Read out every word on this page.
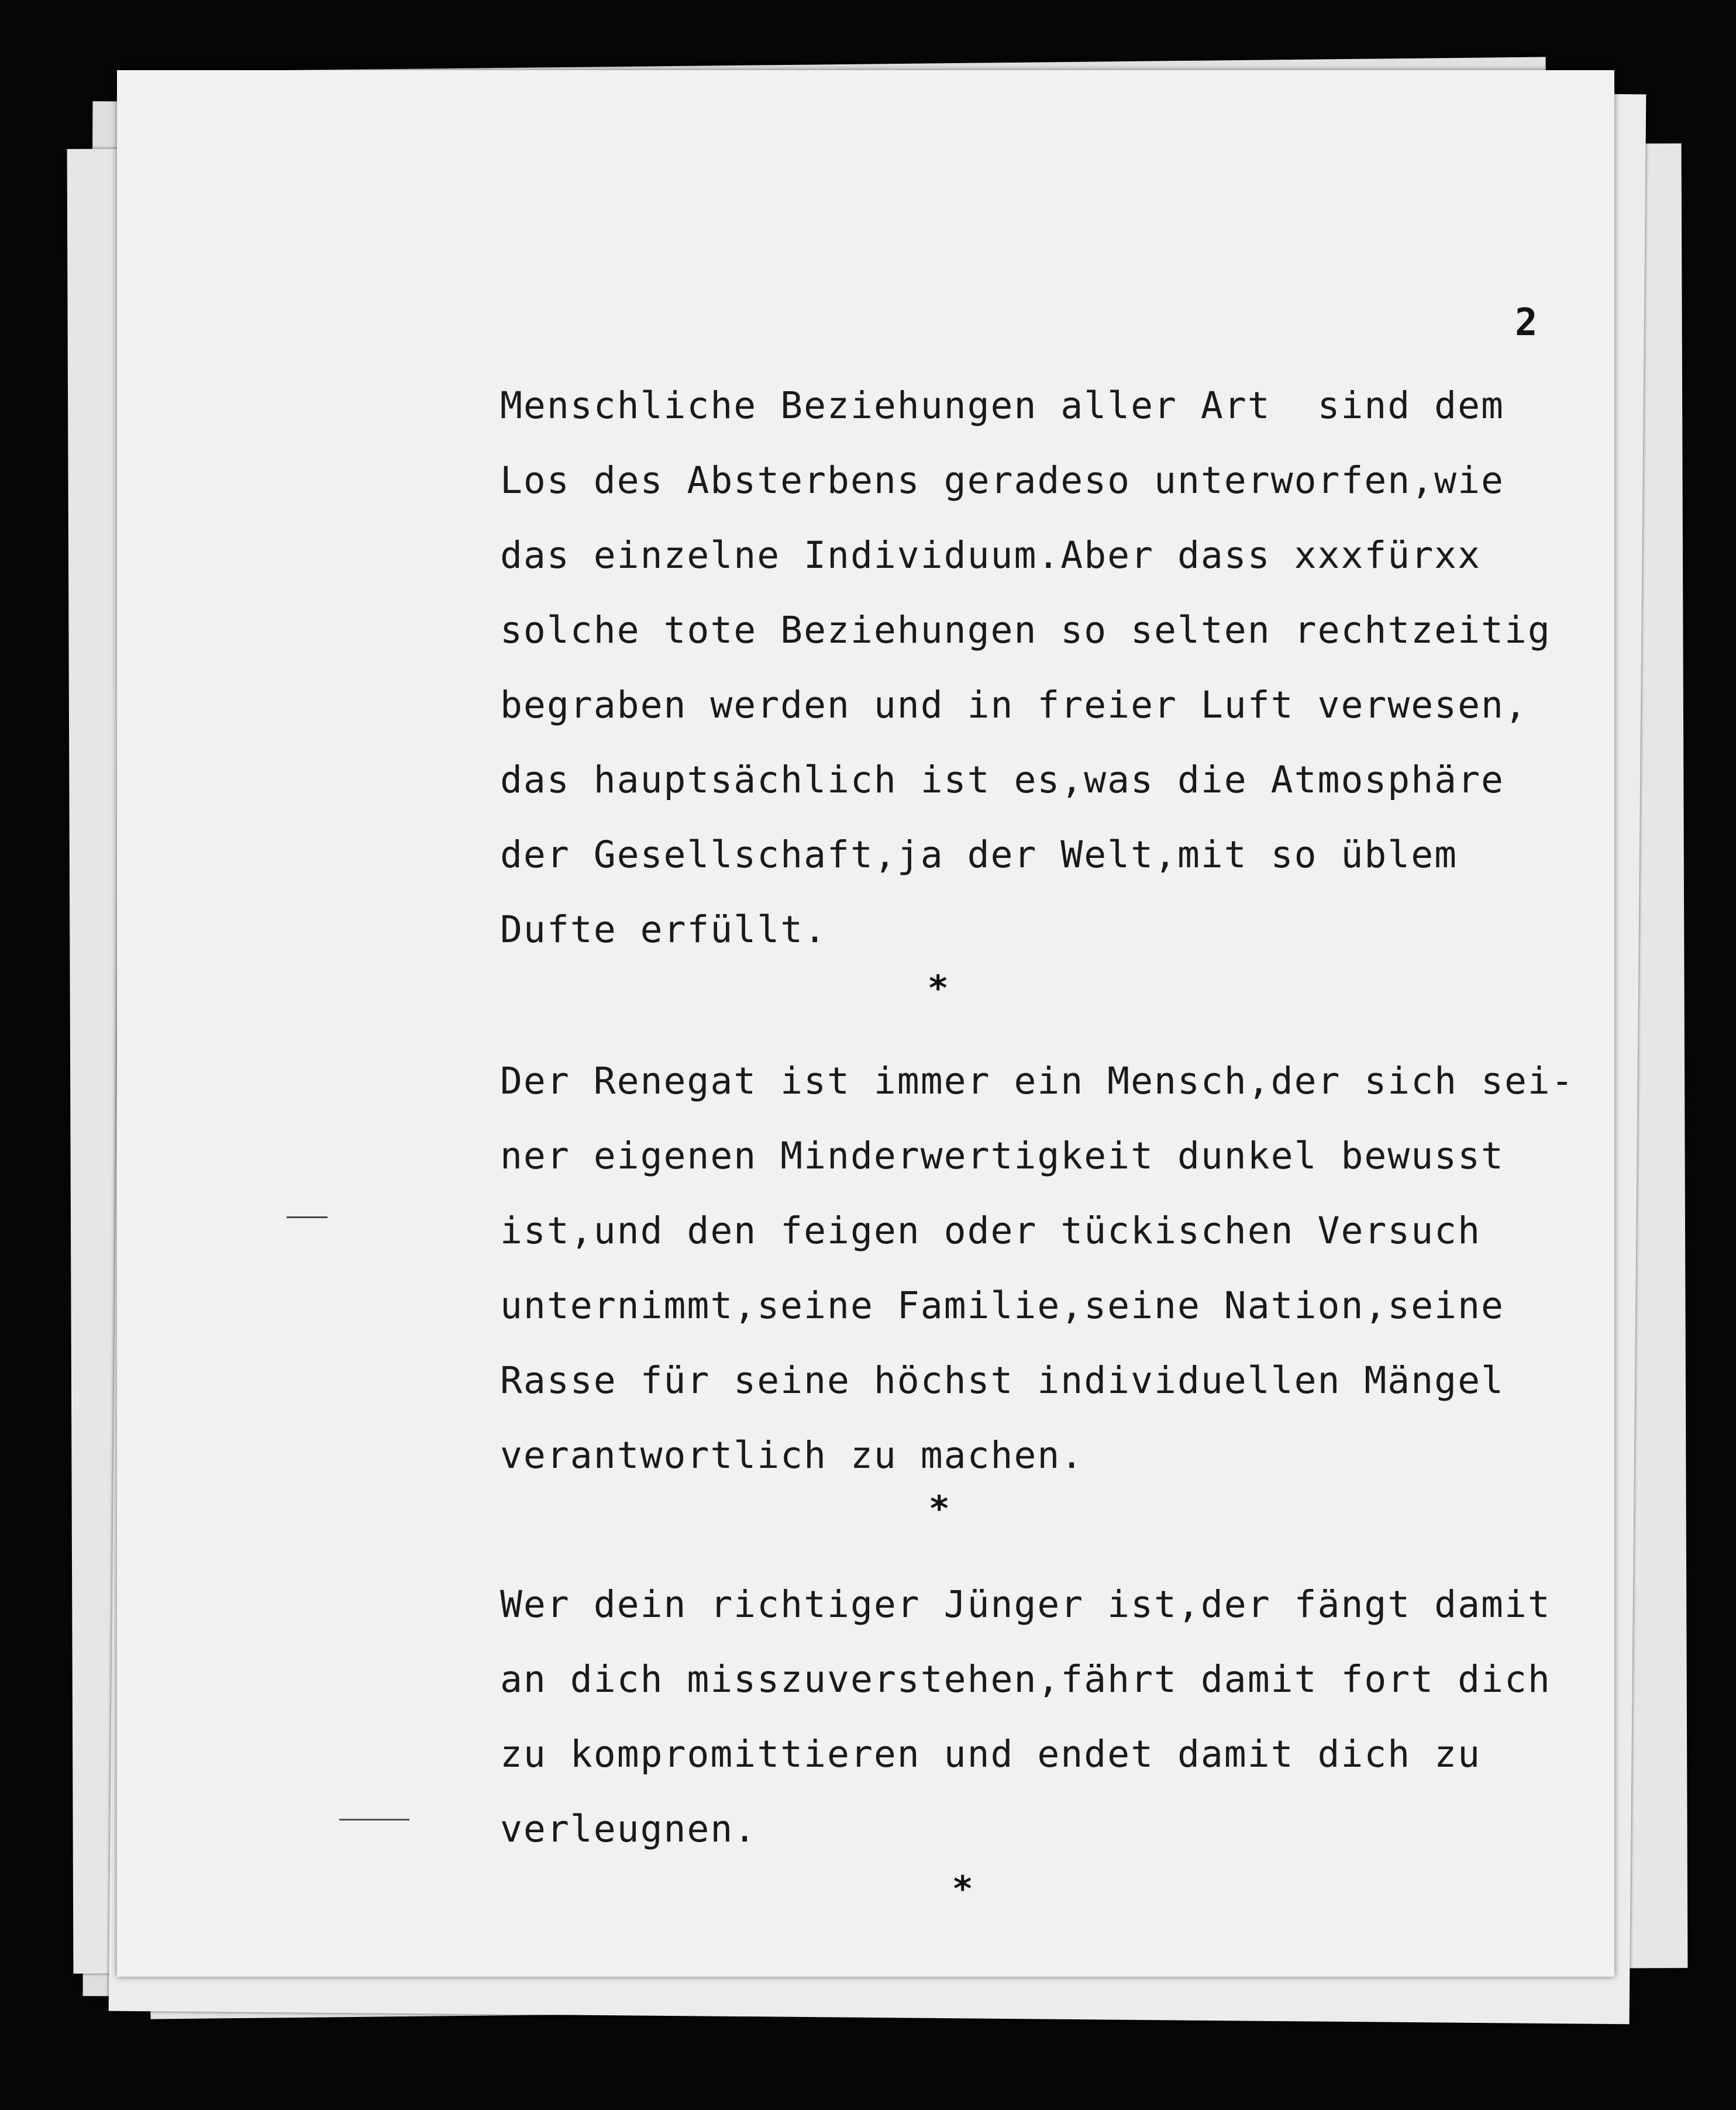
2

Menschliche Beziehungen aller Art  sind dem
Los des Absterbens geradeso unterworfen,wie
das einzelne Individuum.Aber dass xxxfürxx
solche tote Beziehungen so selten rechtzeitig
begraben werden und in freier Luft verwesen,
das hauptsächlich ist es,was die Atmosphäre
der Gesellschaft,ja der Welt,mit so üblem
Dufte erfüllt.

*

Der Renegat ist immer ein Mensch,der sich sei-
ner eigenen Minderwertigkeit dunkel bewusst
ist,und den feigen oder tückischen Versuch
unternimmt,seine Familie,seine Nation,seine
Rasse für seine höchst individuellen Mängel
verantwortlich zu machen.

*

Wer dein richtiger Jünger ist,der fängt damit
an dich misszuverstehen,fährt damit fort dich
zu kompromittieren und endet damit dich zu
verleugnen.

*
